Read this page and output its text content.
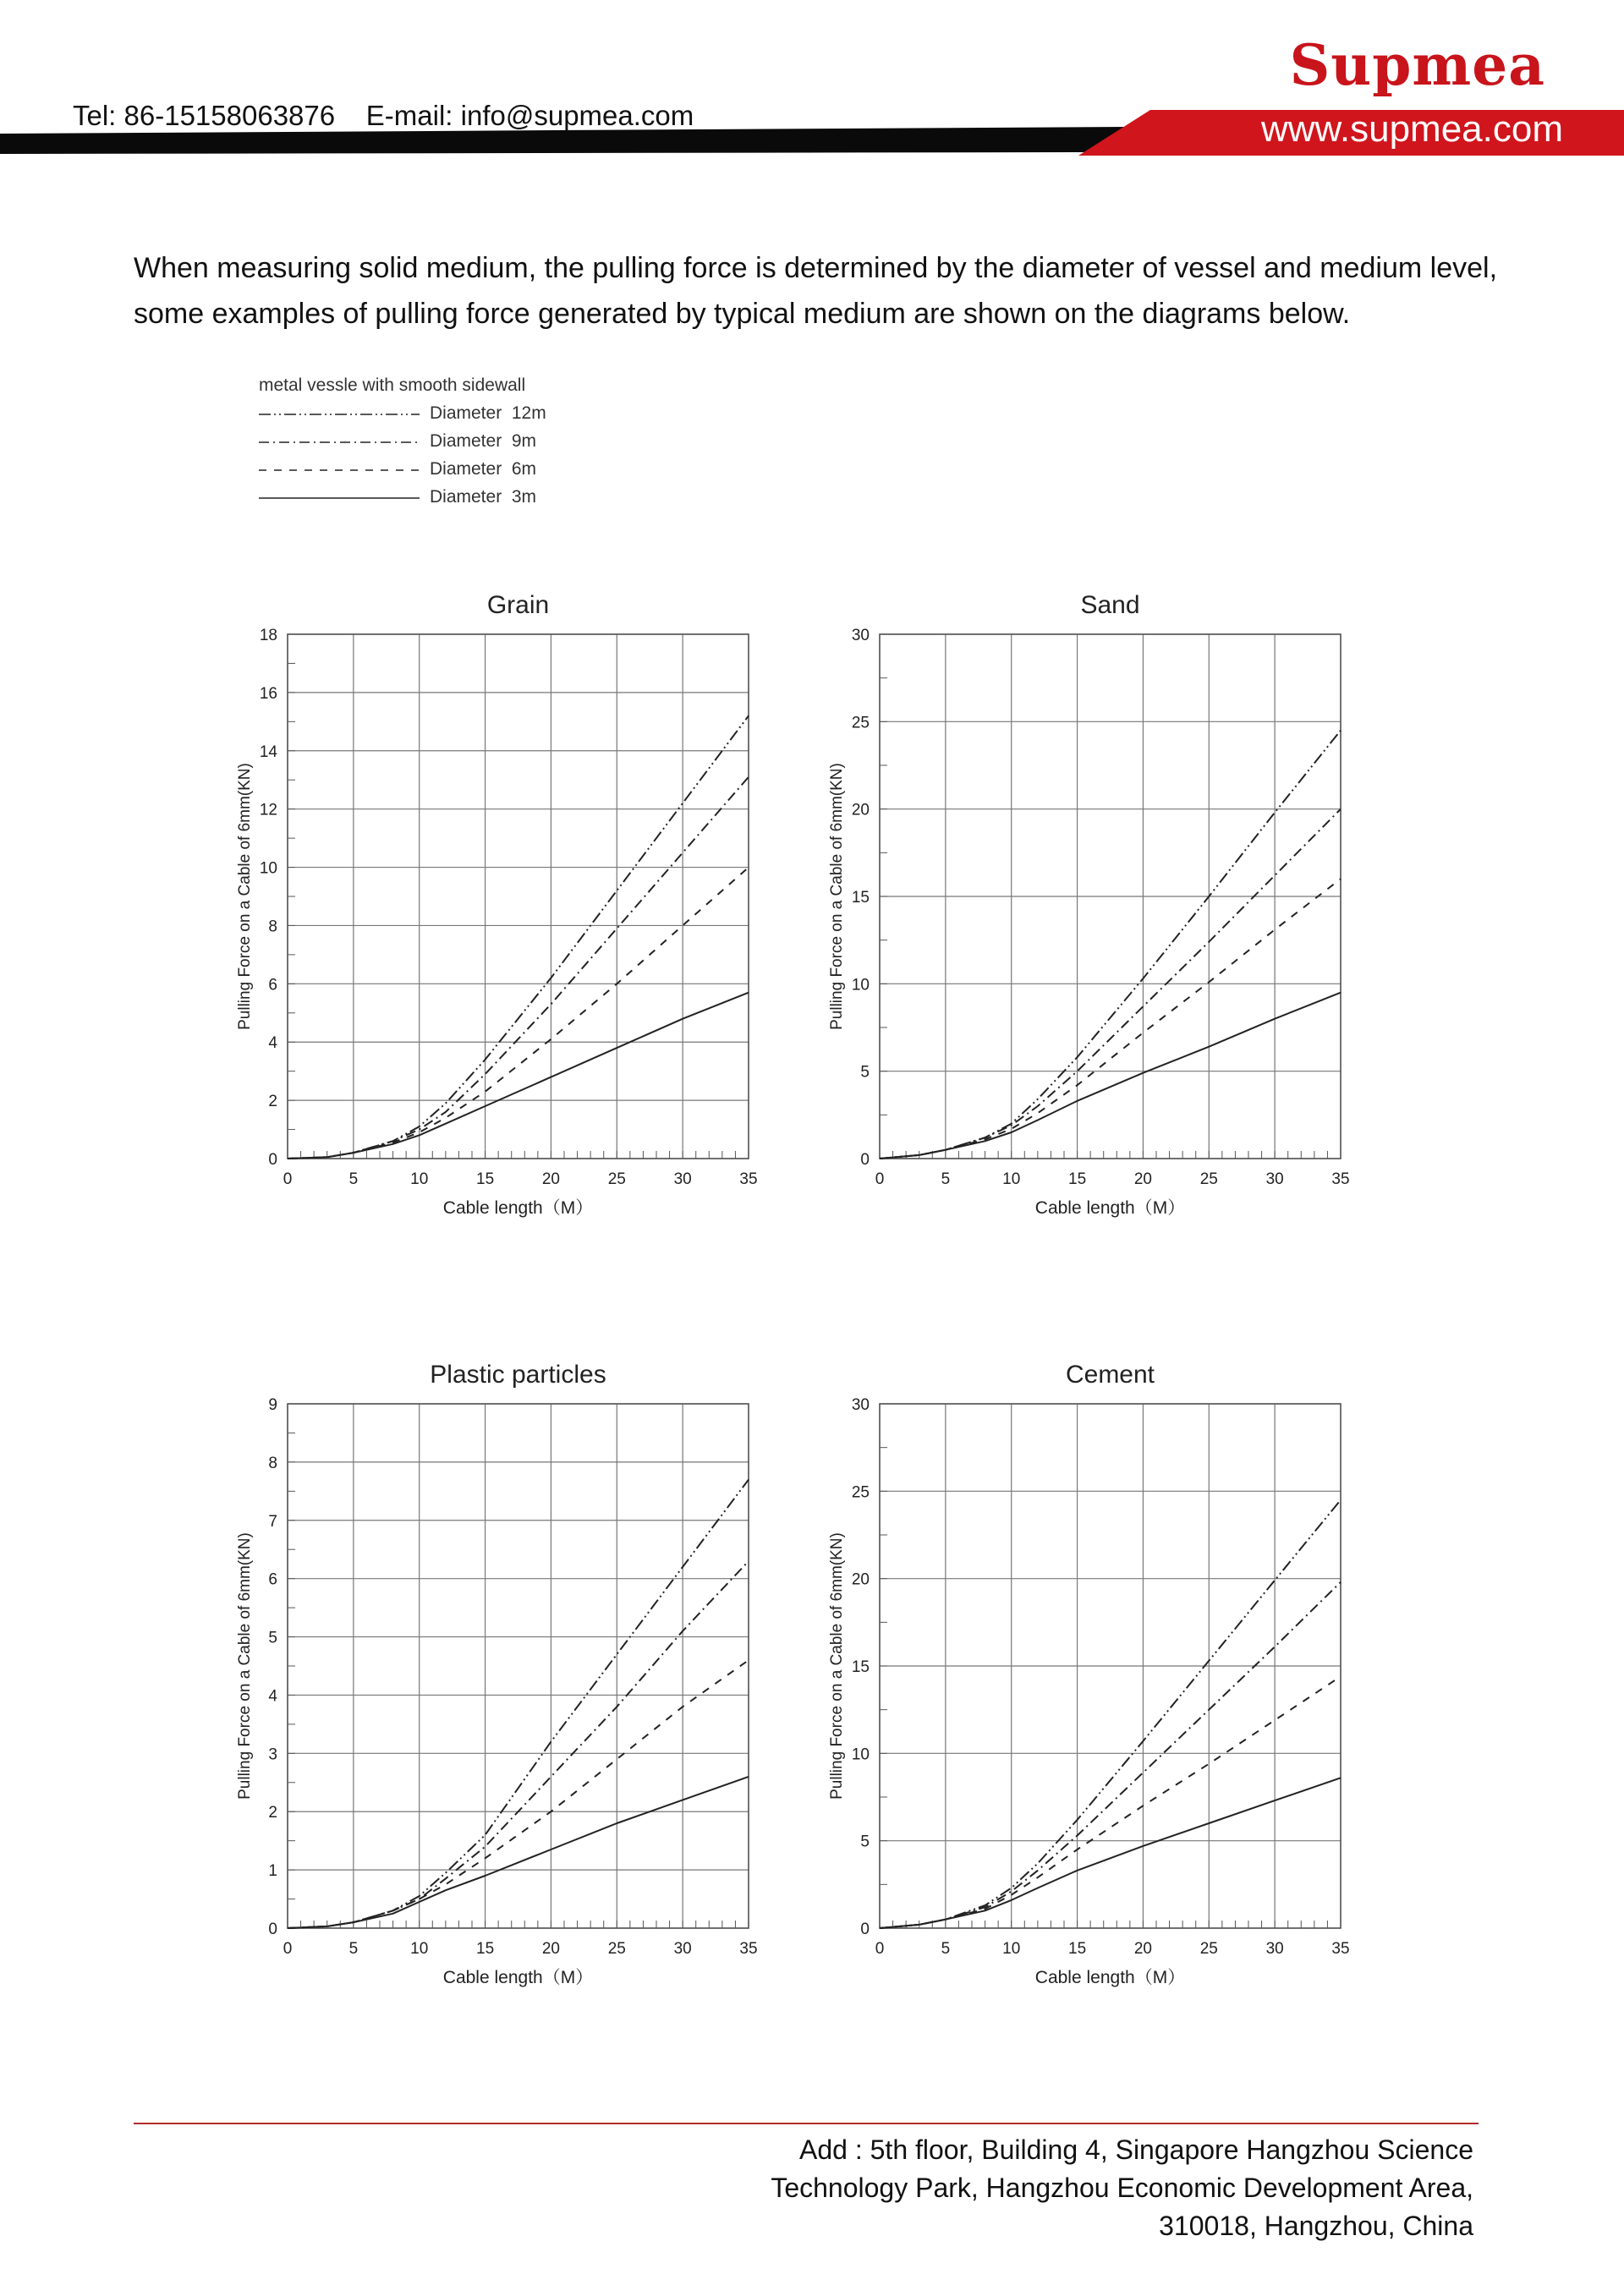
Tel: 86-15158063876 E-mail: info@supmea.com
Supmea
www.supmea.com
When measuring solid medium, the pulling force is determined by the diameter of vessel and medium level, some examples of pulling force generated by typical medium are shown on the diagrams below.
metal vessle with smooth sidewall
Diameter  12m
Diameter  9m
Diameter  6m
Diameter  3m
Grain
0	5	10	15	20	25	30	35
0
2
4
6
8
10
12
14
16
18
Cable length（M）
Pulling Force on a Cable of 6mm(KN)
Sand
0	5	10	15	20	25	30	35
0
5
10
15
20
25
30
Cable length（M）
Pulling Force on a Cable of 6mm(KN)
Plastic particles
0	5	10	15	20	25	30	35
0
1
2
3
4
5
6
7
8
9
Cable length（M）
Pulling Force on a Cable of 6mm(KN)
Cement
0	5	10	15	20	25	30	35
0
5
10
15
20
25
30
Cable length（M）
Pulling Force on a Cable of 6mm(KN)
Add : 5th floor, Building 4, Singapore Hangzhou Science
Technology Park, Hangzhou Economic Development Area,
310018, Hangzhou, China
